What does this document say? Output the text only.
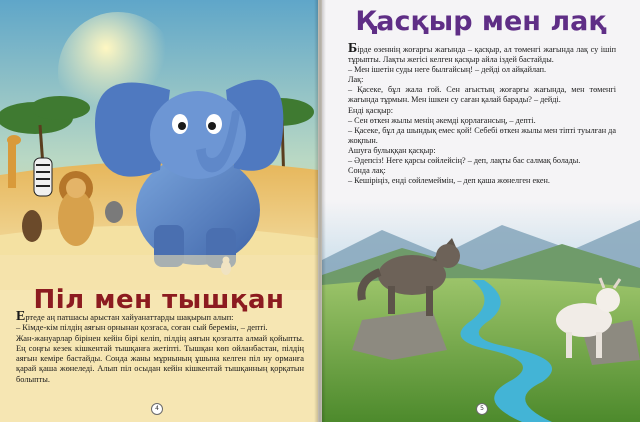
Піл мен тышқан

Ертеде аң патшасы арыстан хайуанаттарды шақырып алып:

– Кімде-кім пілдің аяғын орнынан қозғаса, соған сый беремін, – депті.

Жан-жануарлар бірінен кейін бірі келіп, пілдің аяғын қозғалта алмай қойыпты. Ең соңғы кезек кішкентай тышқанға жетіпті. Тышқан көп ойланбастан, пілдің аяғын кеміре бастайды. Сонда жаны мұрнының ұшына келген піл ну орманға қарай қаша жөнеледі. Алып піл осыдан кейін кішкентай тышқанның қорқатын болыпты.

4
Қасқыр мен лақ

Бірде өзеннің жоғарғы жағында – қасқыр, ал төменгі жағында лақ су ішіп тұрыпты. Лақты жегісі келген қасқыр айла іздей бастайды.

– Мен ішетін суды неге былғайсың! – дейді ол айқайлап.

Лақ:

– Қасеке, бұл жала ғой. Сен ағыстың жоғарғы жағында, мен төменгі жағында тұрмын. Мен ішкен су саған қалай барады? – дейді.

Енді қасқыр:

– Сен өткен жылы менің әкемді қорлағансың, – депті.

– Қасеке, бұл да шындық емес қой! Себебі өткен жылы мен тіпті туылған да жоқпын.

Ашуға булыққан қасқыр:

– Әдепсіз! Неге қарсы сөйлейсің? – деп, лақты бас салмақ болады.

Сонда лақ:

– Кешіріңіз, енді сөйлемеймін, – деп қаша жөнелген екен.

5
